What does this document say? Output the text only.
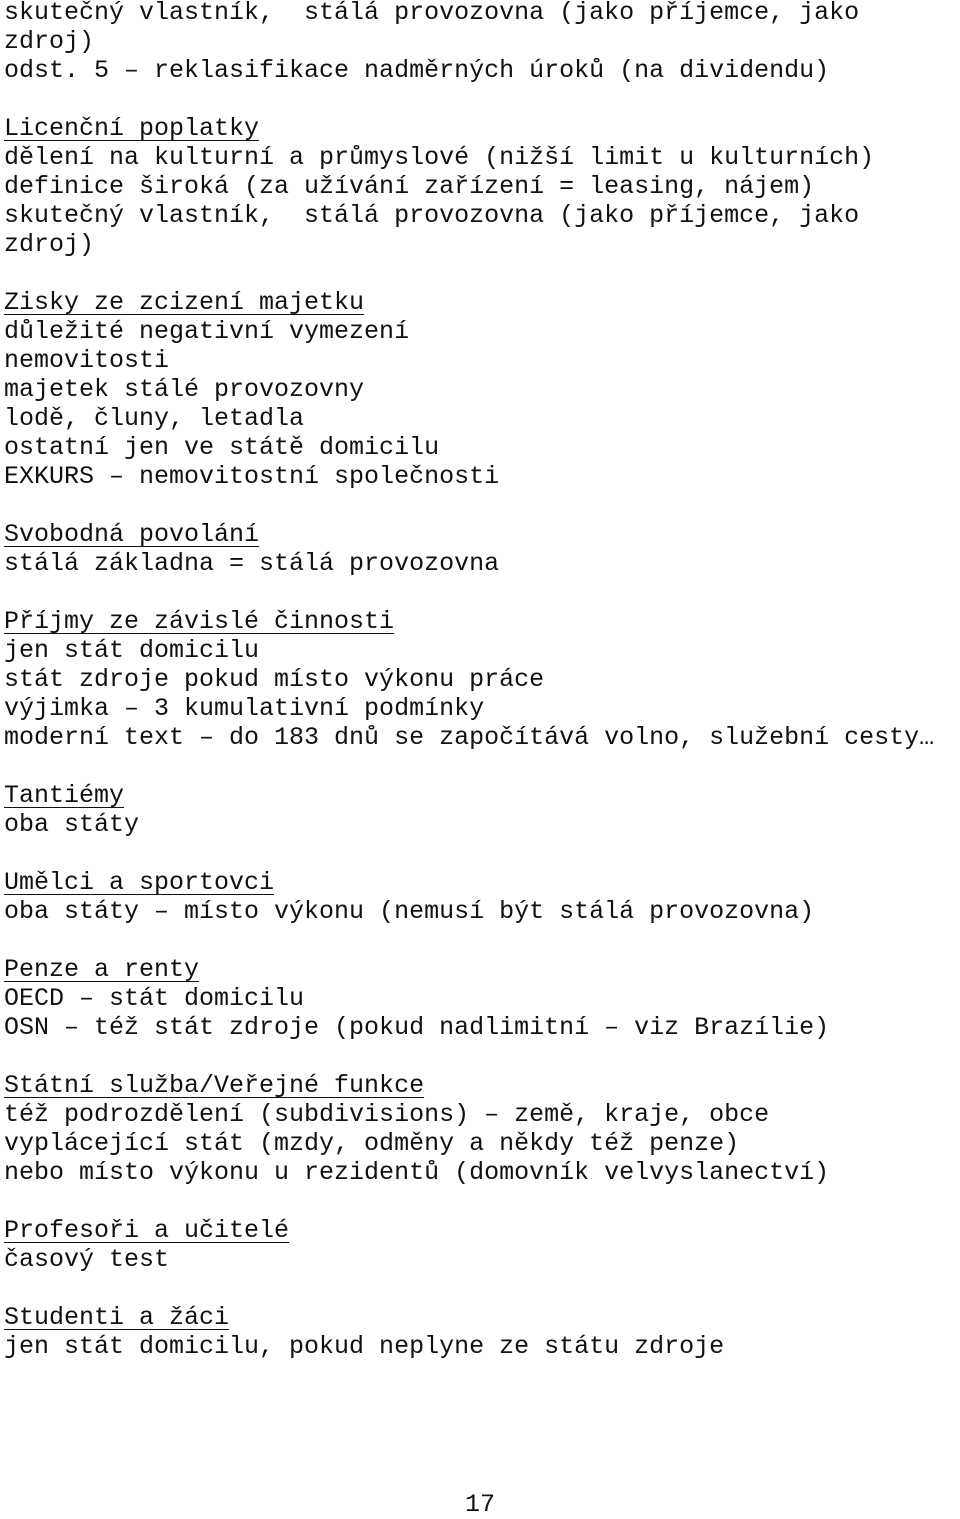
skutečný vlastník,  stálá provozovna (jako příjemce, jako

zdroj)

odst. 5 – reklasifikace nadměrných úroků (na dividendu)

Licenční poplatky

dělení na kulturní a průmyslové (nižší limit u kulturních)

definice široká (za užívání zařízení = leasing, nájem)

skutečný vlastník,  stálá provozovna (jako příjemce, jako

zdroj)

Zisky ze zcizení majetku

důležité negativní vymezení

nemovitosti

majetek stálé provozovny

lodě, čluny, letadla

ostatní jen ve státě domicilu

EXKURS – nemovitostní společnosti

Svobodná povolání

stálá základna = stálá provozovna

Příjmy ze závislé činnosti

jen stát domicilu

stát zdroje pokud místo výkonu práce

výjimka – 3 kumulativní podmínky

moderní text – do 183 dnů se započítává volno, služební cesty…

Tantiémy

oba státy

Umělci a sportovci

oba státy – místo výkonu (nemusí být stálá provozovna)

Penze a renty

OECD – stát domicilu

OSN – též stát zdroje (pokud nadlimitní – viz Brazílie)

Státní služba/Veřejné funkce

též podrozdělení (subdivisions) – země, kraje, obce

vyplácející stát (mzdy, odměny a někdy též penze)

nebo místo výkonu u rezidentů (domovník velvyslanectví)

Profesoři a učitelé

časový test

Studenti a žáci

jen stát domicilu, pokud neplyne ze státu zdroje

17
